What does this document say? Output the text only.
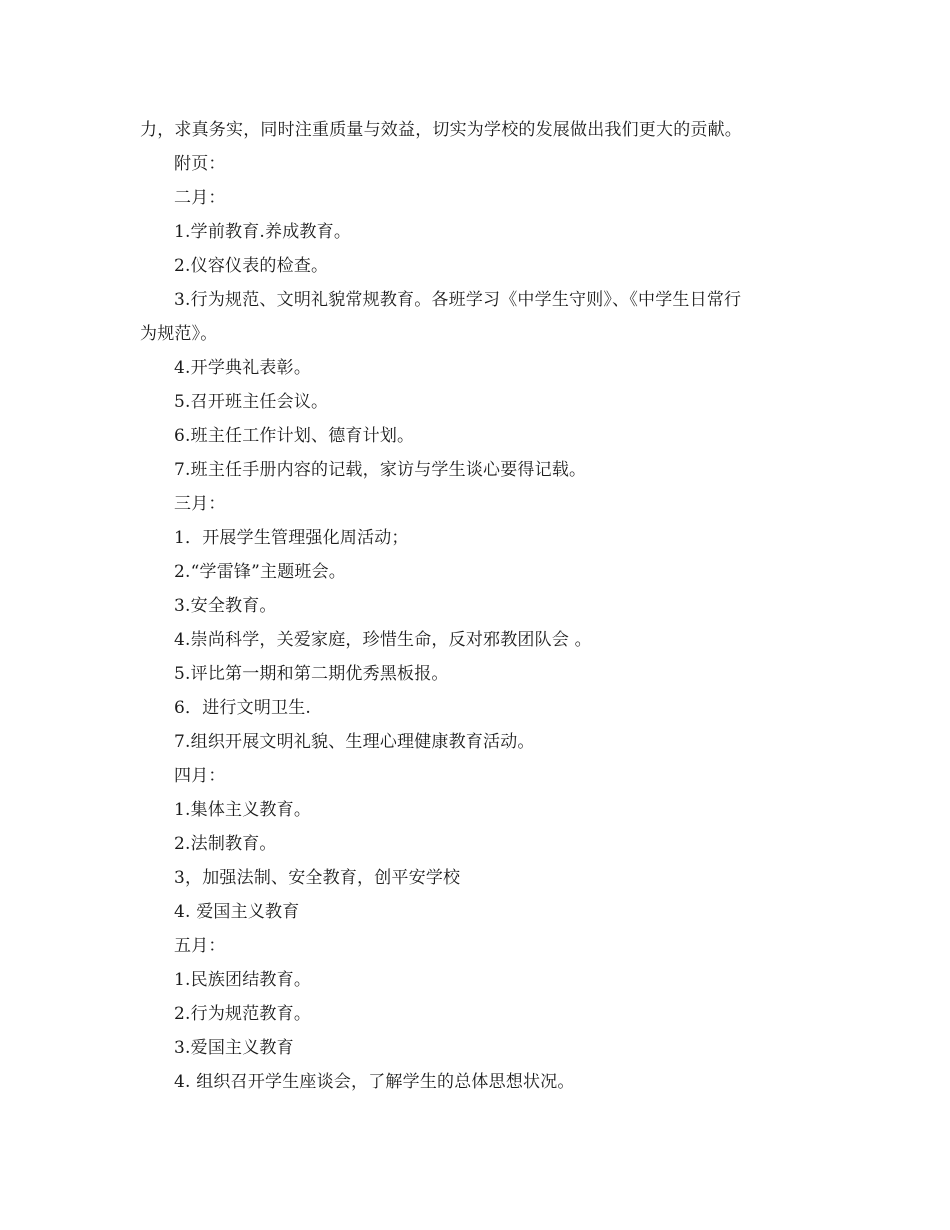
力，求真务实，同时注重质量与效益，切实为学校的发展做出我们更大的贡献。
附页：
二月：
1.学前教育.养成教育。
2.仪容仪表的检查。
3.行为规范、文明礼貌常规教育。各班学习《中学生守则》、《中学生日常行
为规范》。
4.开学典礼表彰。
5.召开班主任会议。
6.班主任工作计划、德育计划。
7.班主任手册内容的记载，家访与学生谈心要得记载。
三月：
1．开展学生管理强化周活动；
2.“学雷锋”主题班会。
3.安全教育。
4.崇尚科学，关爱家庭，珍惜生命，反对邪教团队会 。
5.评比第一期和第二期优秀黑板报。
6．进行文明卫生.
7.组织开展文明礼貌、生理心理健康教育活动。
四月：
1.集体主义教育。
2.法制教育。
3，加强法制、安全教育，创平安学校
4. 爱国主义教育
五月：
1.民族团结教育。
2.行为规范教育。
3.爱国主义教育
4. 组织召开学生座谈会，了解学生的总体思想状况。
